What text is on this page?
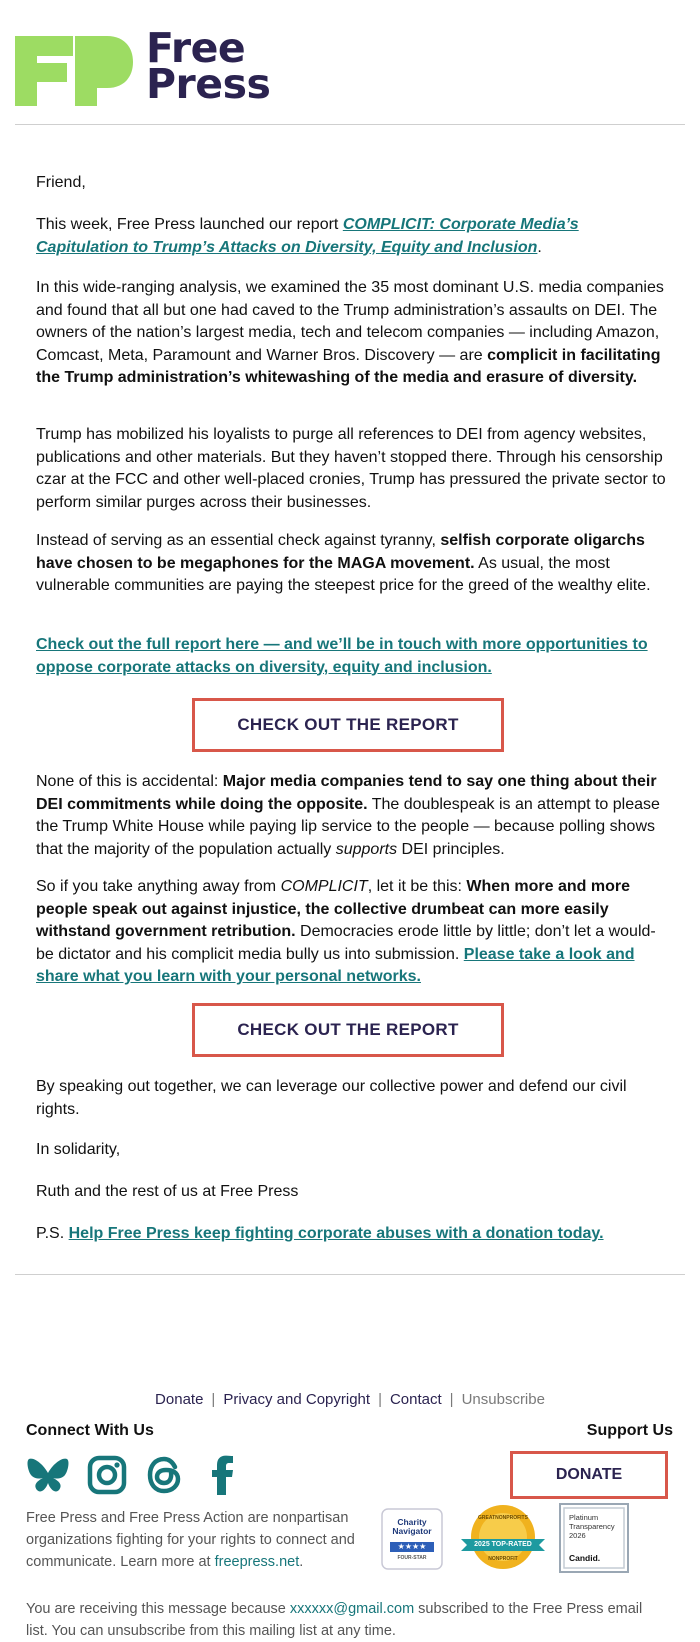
Free
Press

Friend,

This week, Free Press launched our report COMPLICIT: Corporate Media’s Capitulation to Trump’s Attacks on Diversity, Equity and Inclusion.

In this wide-ranging analysis, we examined the 35 most dominant U.S. media companies and found that all but one had caved to the Trump administration’s assaults on DEI. The owners of the nation’s largest media, tech and telecom companies — including Amazon, Comcast, Meta, Paramount and Warner Bros. Discovery — are complicit in facilitating the Trump administration’s whitewashing of the media and erasure of diversity.

Trump has mobilized his loyalists to purge all references to DEI from agency websites, publications and other materials. But they haven’t stopped there. Through his censorship czar at the FCC and other well-placed cronies, Trump has pressured the private sector to perform similar purges across their businesses.

Instead of serving as an essential check against tyranny, selfish corporate oligarchs have chosen to be megaphones for the MAGA movement. As usual, the most vulnerable communities are paying the steepest price for the greed of the wealthy elite.

Check out the full report here — and we’ll be in touch with more opportunities to oppose corporate attacks on diversity, equity and inclusion.

CHECK OUT THE REPORT

None of this is accidental: Major media companies tend to say one thing about their DEI commitments while doing the opposite. The doublespeak is an attempt to please the Trump White House while paying lip service to the people — because polling shows that the majority of the population actually supports DEI principles.

So if you take anything away from COMPLICIT, let it be this: When more and more people speak out against injustice, the collective drumbeat can more easily withstand government retribution. Democracies erode little by little; don’t let a would-be dictator and his complicit media bully us into submission. Please take a look and share what you learn with your personal networks.

CHECK OUT THE REPORT

By speaking out together, we can leverage our collective power and defend our civil rights.

In solidarity,

Ruth and the rest of us at Free Press

P.S. Help Free Press keep fighting corporate abuses with a donation today.

Donate | Privacy and Copyright | Contact | Unsubscribe
Connect With Us	Support Us
DONATE
Free Press and Free Press Action are nonpartisan organizations fighting for your rights to connect and communicate. Learn more at freepress.net.
Charity
Navigator
★★★★
FOUR-STAR
GREATNONPROFITS
2025 TOP-RATED
NONPROFIT
Platinum
Transparency
2026
Candid.
You are receiving this message because xxxxxx@gmail.com subscribed to the Free Press email list. You can unsubscribe from this mailing list at any time.
